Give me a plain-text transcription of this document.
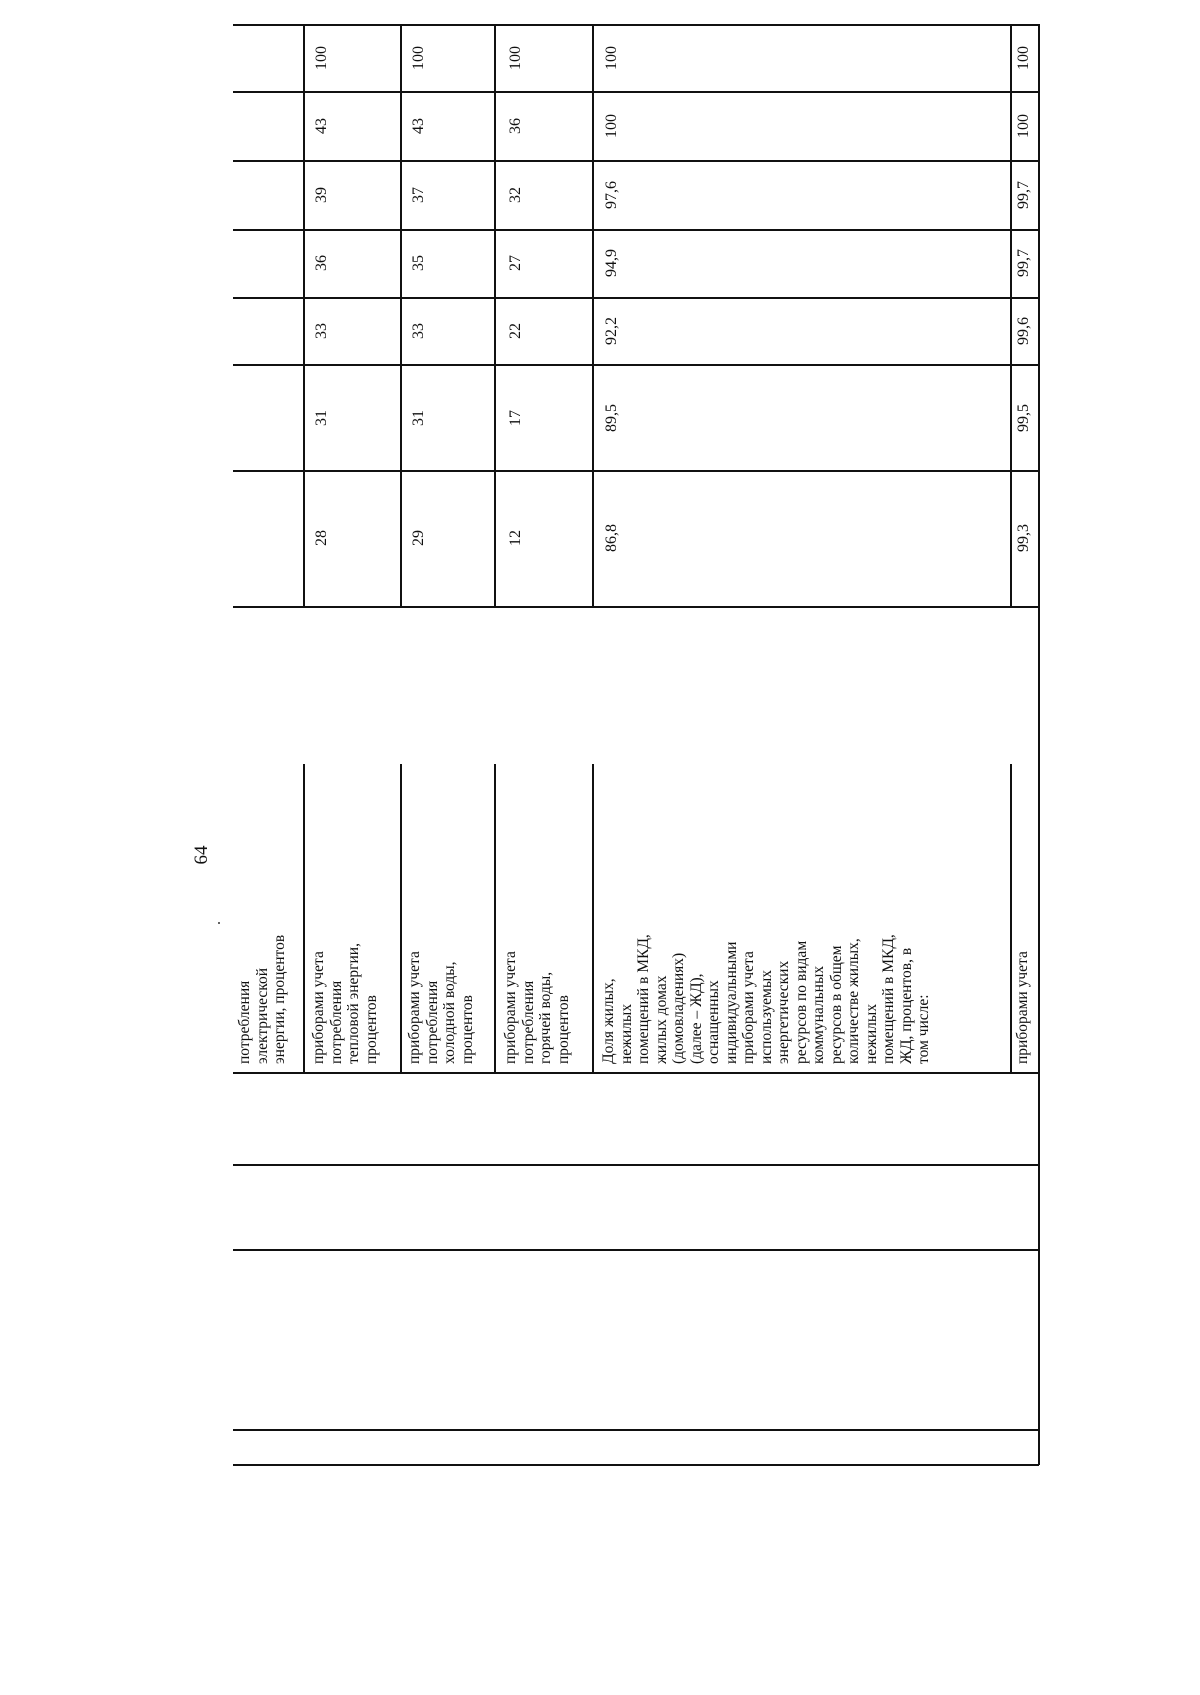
64
потребления электрической энергии, процентов приборами учета потребления тепловой энергии, процентов приборами учета потребления холодной воды, процентов приборами учета потребления горячей воды, процентов Доля жилых, нежилых помещений в МКД, жилых домах (домовладениях) (далее – ЖД), оснащенных индивидуальными приборами учета используемых энергетических ресурсов по видам коммунальных ресурсов в общем количестве жилых, нежилых помещений в МКД, ЖД, процентов, в том числе:	приборами учета
28
31
33
36
39
43
100
29
31
33
35
37
43
100
12
17
22
27
32
36
100
86,8
89,5
92,2
94,9
97,6
100
100
99,3
99,5
99,6
99,7
99,7
100
100
